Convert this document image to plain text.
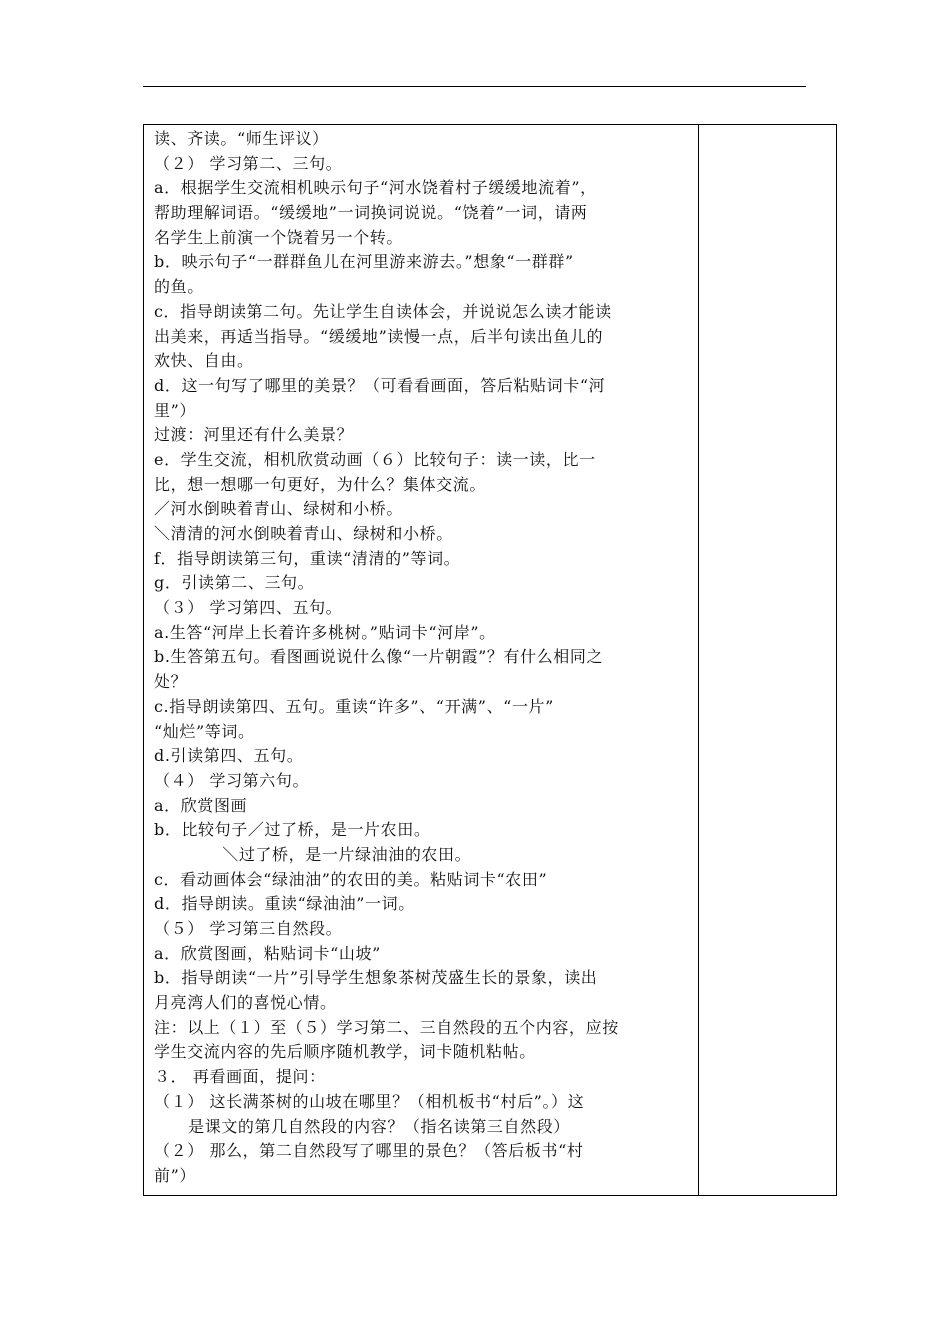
读、齐读。“师生评议）
（２） 学习第二、三句。
a．根据学生交流相机映示句子“河水饶着村子缓缓地流着”，
帮助理解词语。“缓缓地”一词换词说说。“饶着”一词，请两
名学生上前演一个饶着另一个转。
b．映示句子“一群群鱼儿在河里游来游去。”想象“一群群”
的鱼。
c．指导朗读第二句。先让学生自读体会，并说说怎么读才能读
出美来，再适当指导。“缓缓地”读慢一点，后半句读出鱼儿的
欢快、自由。
d．这一句写了哪里的美景？（可看看画面，答后粘贴词卡“河
里”）
过渡：河里还有什么美景？
e．学生交流，相机欣赏动画（６）比较句子：读一读，比一
比，想一想哪一句更好，为什么？集体交流。
／河水倒映着青山、绿树和小桥。
＼清清的河水倒映着青山、绿树和小桥。
f．指导朗读第三句，重读“清清的”等词。
g．引读第二、三句。
（３） 学习第四、五句。
a.生答“河岸上长着许多桃树。”贴词卡“河岸”。
b.生答第五句。看图画说说什么像“一片朝霞”？有什么相同之
处？
c.指导朗读第四、五句。重读“许多”、“开满”、“一片”
“灿烂”等词。
d.引读第四、五句。
（４） 学习第六句。
a．欣赏图画
b．比较句子／过了桥，是一片农田。
＼过了桥，是一片绿油油的农田。
c．看动画体会“绿油油”的农田的美。粘贴词卡“农田”
d．指导朗读。重读“绿油油”一词。
（５） 学习第三自然段。
a．欣赏图画，粘贴词卡“山坡”
b．指导朗读“一片”引导学生想象茶树茂盛生长的景象，读出
月亮湾人们的喜悦心情。
注：以上（１）至（５）学习第二、三自然段的五个内容，应按
学生交流内容的先后顺序随机教学，词卡随机粘帖。
３． 再看画面，提问：
（１） 这长满茶树的山坡在哪里？（相机板书“村后”。）这
是课文的第几自然段的内容？（指名读第三自然段）
（２） 那么，第二自然段写了哪里的景色？（答后板书“村
前”）
